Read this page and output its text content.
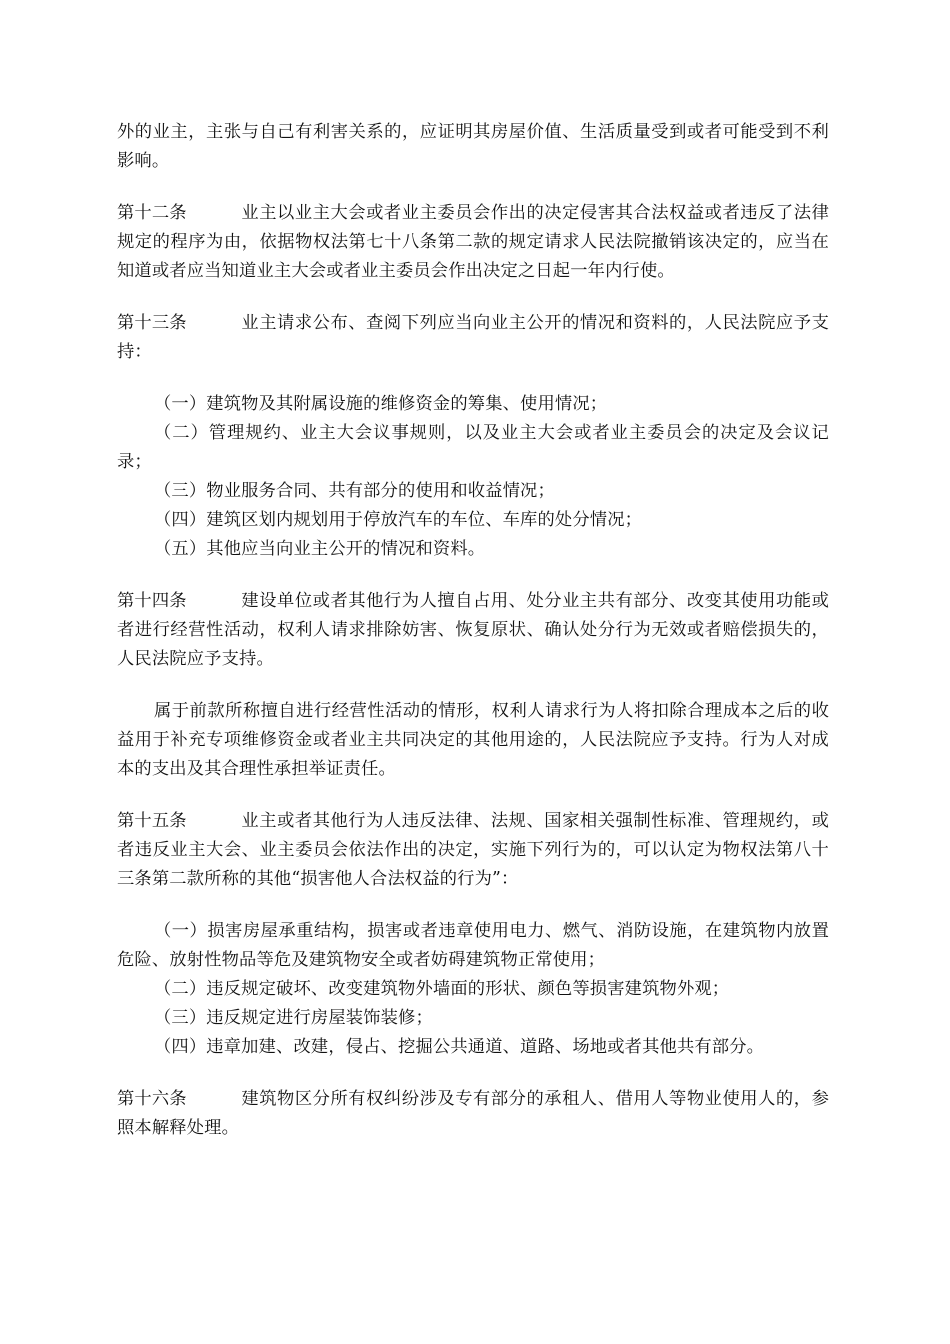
外的业主，主张与自己有利害关系的，应证明其房屋价值、生活质量受到或者可能受到不利影响。

第十二条	业主以业主大会或者业主委员会作出的决定侵害其合法权益或者违反了法律规定的程序为由，依据物权法第七十八条第二款的规定请求人民法院撤销该决定的，应当在知道或者应当知道业主大会或者业主委员会作出决定之日起一年内行使。

第十三条	业主请求公布、查阅下列应当向业主公开的情况和资料的，人民法院应予支持：

（一）建筑物及其附属设施的维修资金的筹集、使用情况；

（二）管理规约、业主大会议事规则，以及业主大会或者业主委员会的决定及会议记录；

（三）物业服务合同、共有部分的使用和收益情况；

（四）建筑区划内规划用于停放汽车的车位、车库的处分情况；

（五）其他应当向业主公开的情况和资料。

第十四条	建设单位或者其他行为人擅自占用、处分业主共有部分、改变其使用功能或者进行经营性活动，权利人请求排除妨害、恢复原状、确认处分行为无效或者赔偿损失的，人民法院应予支持。

属于前款所称擅自进行经营性活动的情形，权利人请求行为人将扣除合理成本之后的收益用于补充专项维修资金或者业主共同决定的其他用途的，人民法院应予支持。行为人对成本的支出及其合理性承担举证责任。

第十五条	业主或者其他行为人违反法律、法规、国家相关强制性标准、管理规约，或者违反业主大会、业主委员会依法作出的决定，实施下列行为的，可以认定为物权法第八十三条第二款所称的其他“损害他人合法权益的行为”：

（一）损害房屋承重结构，损害或者违章使用电力、燃气、消防设施，在建筑物内放置危险、放射性物品等危及建筑物安全或者妨碍建筑物正常使用；

（二）违反规定破坏、改变建筑物外墙面的形状、颜色等损害建筑物外观；

（三）违反规定进行房屋装饰装修；

（四）违章加建、改建，侵占、挖掘公共通道、道路、场地或者其他共有部分。

第十六条	建筑物区分所有权纠纷涉及专有部分的承租人、借用人等物业使用人的，参照本解释处理。
